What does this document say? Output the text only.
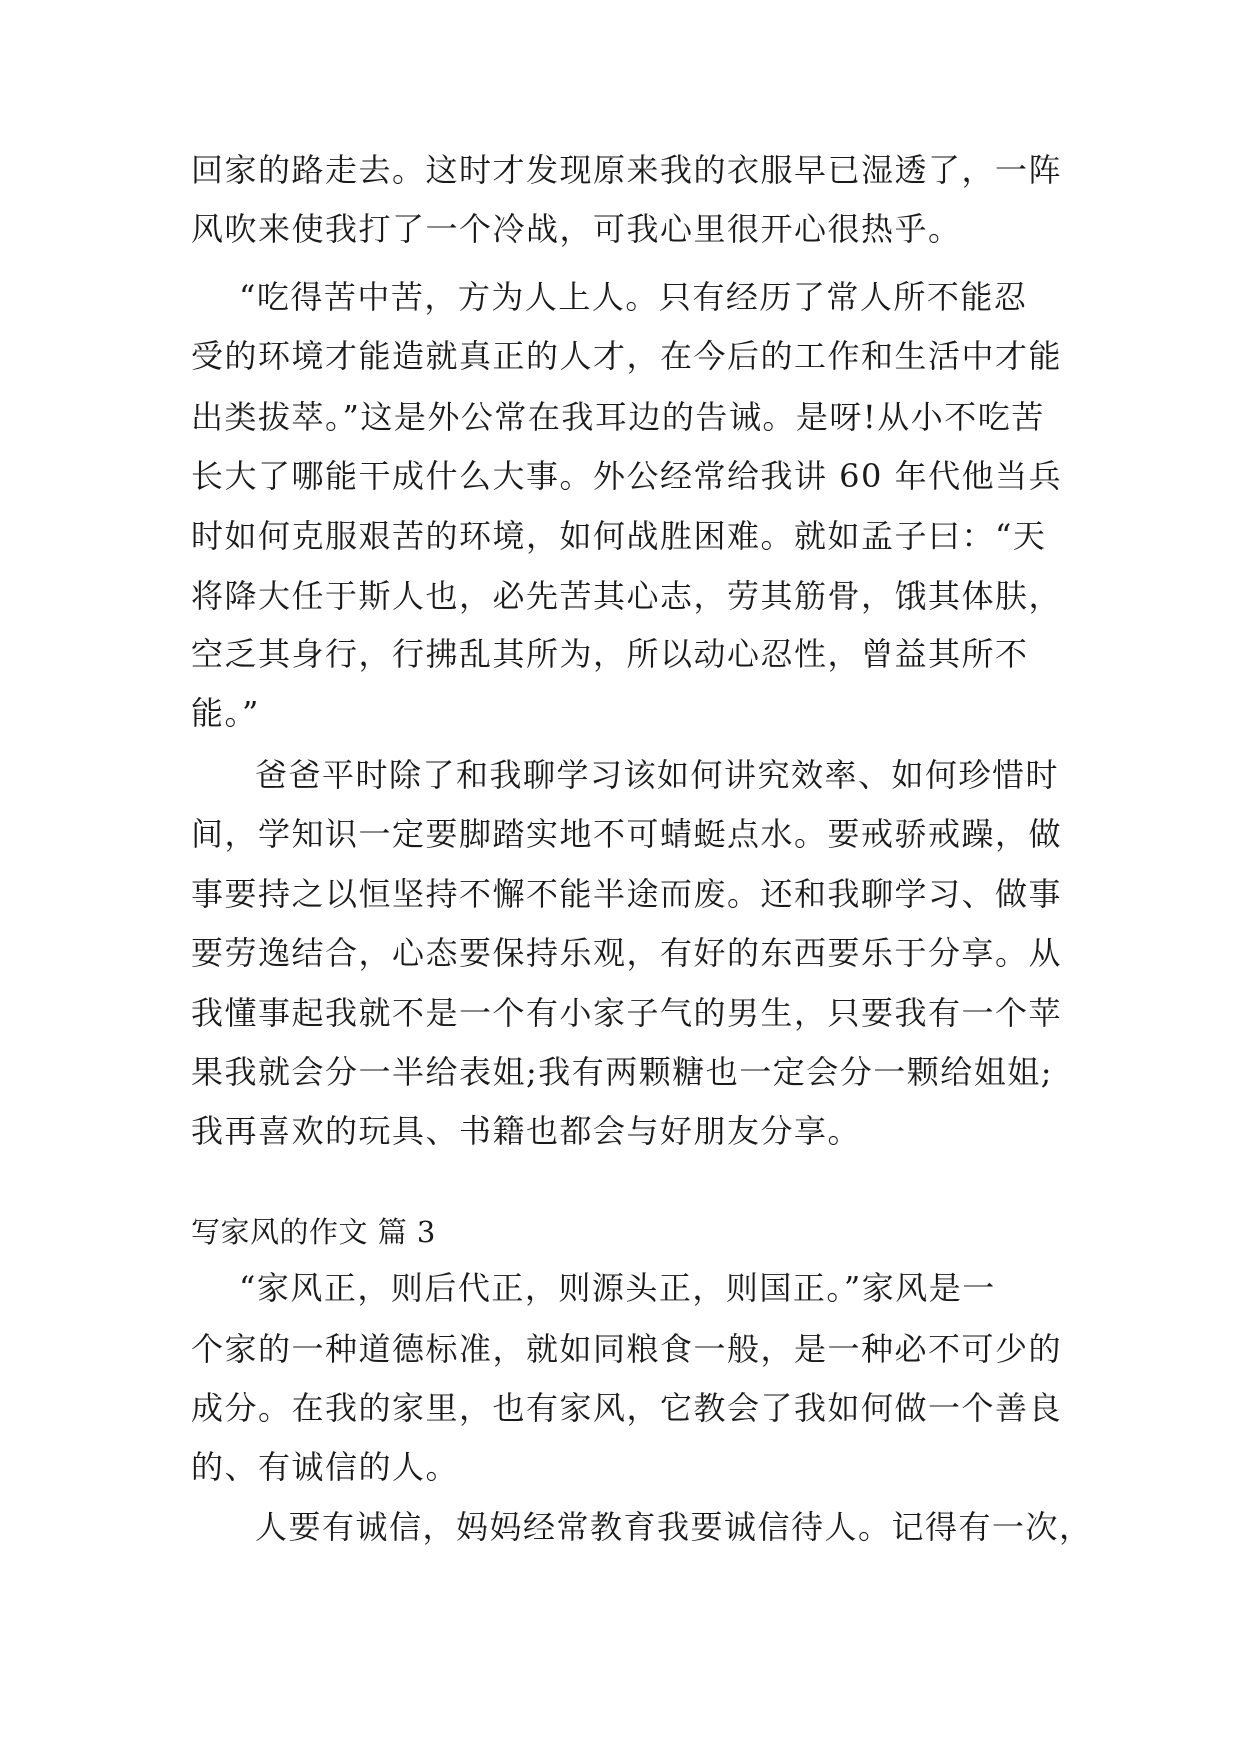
回家的路走去。这时才发现原来我的衣服早已湿透了，一阵
风吹来使我打了一个冷战，可我心里很开心很热乎。
“吃得苦中苦，方为人上人。只有经历了常人所不能忍
受的环境才能造就真正的人才，在今后的工作和生活中才能
出类拔萃。”这是外公常在我耳边的告诫。是呀!从小不吃苦
长大了哪能干成什么大事。外公经常给我讲 60 年代他当兵
时如何克服艰苦的环境，如何战胜困难。就如孟子曰：“天
将降大任于斯人也，必先苦其心志，劳其筋骨，饿其体肤，
空乏其身行，行拂乱其所为，所以动心忍性，曾益其所不
能。”
爸爸平时除了和我聊学习该如何讲究效率、如何珍惜时
间，学知识一定要脚踏实地不可蜻蜓点水。要戒骄戒躁，做
事要持之以恒坚持不懈不能半途而废。还和我聊学习、做事
要劳逸结合，心态要保持乐观，有好的东西要乐于分享。从
我懂事起我就不是一个有小家子气的男生，只要我有一个苹
果我就会分一半给表姐;我有两颗糖也一定会分一颗给姐姐;
我再喜欢的玩具、书籍也都会与好朋友分享。
写家风的作文 篇 3
“家风正，则后代正，则源头正，则国正。”家风是一
个家的一种道德标准，就如同粮食一般，是一种必不可少的
成分。在我的家里，也有家风，它教会了我如何做一个善良
的、有诚信的人。
人要有诚信，妈妈经常教育我要诚信待人。记得有一次，
